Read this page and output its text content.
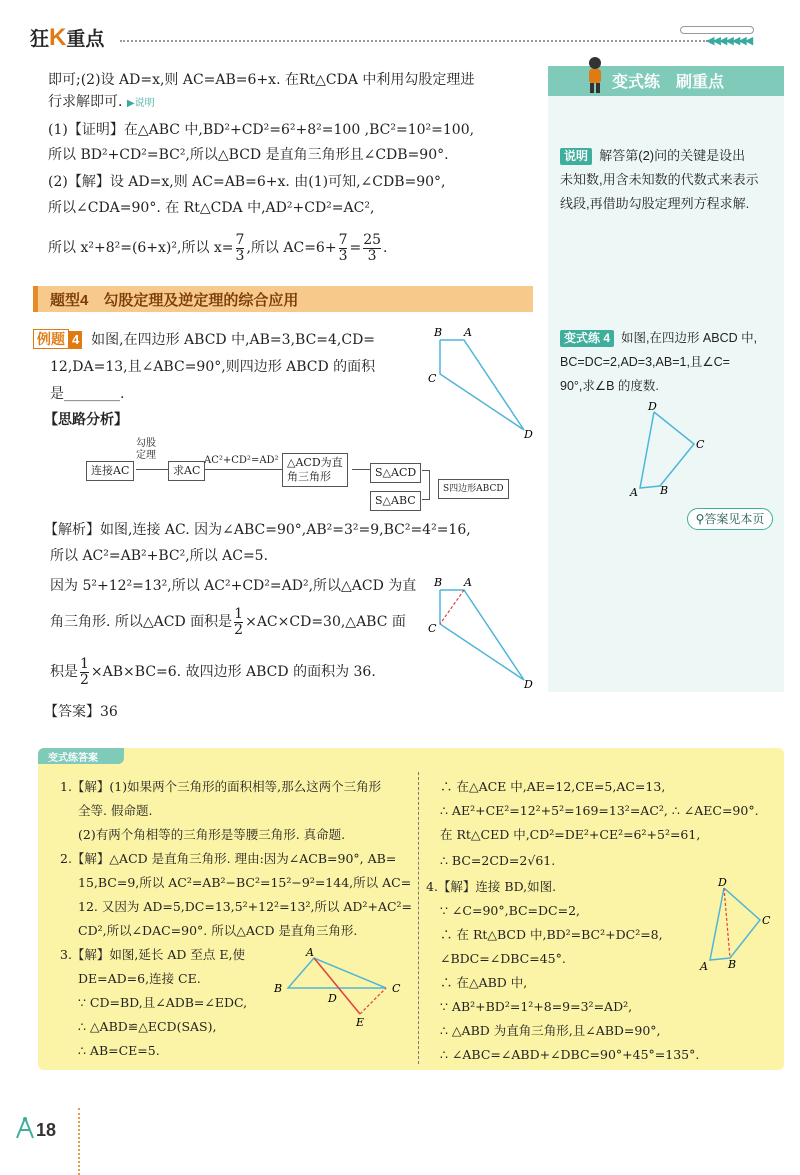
狂K重点	◀◀◀◀◀◀◀
即可;(2)设 AD=x,则 AC=AB=6+x. 在Rt△CDA 中利用勾股定理进
行求解即可. ▶说明
(1)【证明】在△ABC 中,BD²+CD²=6²+8²=100 ,BC²=10²=100,
所以 BD²+CD²=BC²,所以△BCD 是直角三角形且∠CDB=90°.
(2)【解】设 AD=x,则 AC=AB=6+x. 由(1)可知,∠CDB=90°,
所以∠CDA=90°. 在 Rt△CDA 中,AD²+CD²=AC²,
所以 x²+8²=(6+x)²,所以 $x= \frac{7}{3}$ ,所以 $AC=6+ \frac{7}{3} = \frac{25}{3}$ .
题型4　勾股定理及逆定理的综合应用
例题 4 如图,在四边形 ABCD 中,AB=3,BC=4,CD=
12,DA=13,且∠ABC=90°,则四边形 ABCD 的面积
是________.
【思路分析】
B A
C
D
连接AC
勾股
定理
求AC
AC²+CD²=AD² △ACD为直
角三角形	S△ACD
S△ABC
S四边形ABCD
【解析】如图,连接 AC. 因为∠ABC=90°,AB²=3²=9,BC²=4²=16,
所以 AC²=AB²+BC²,所以 AC=5.
因为 5²+12²=13²,所以 AC²+CD²=AD²,所以△ACD 为直
角三角形. 所以△ACD 面积是 $\frac{1}{2}$ ×AC×CD=30,△ABC 面
积是 $\frac{1}{2} \times AB\times BC=6$. 故四边形 ABCD 的面积为 36.
【答案】36
B A
C
D
变式练　刷重点
说明 解答第(2)问的关键是设出
未知数,用含未知数的代数式来表示
线段,再借助勾股定理列方程求解.
变式练 4 如图,在四边形 ABCD 中,
BC=DC=2,AD=3,AB=1,且∠C=
90°,求∠B 的度数.
D
C
A B
⚲答案见本页
变式练答案
1.【解】(1)如果两个三角形的面积相等,那么这两个三角形
全等. 假命题.
(2)有两个角相等的三角形是等腰三角形. 真命题.
2.【解】△ACD 是直角三角形. 理由:因为∠ACB=90°, AB=
15,BC=9,所以 AC²=AB²−BC²=15²−9²=144,所以 AC=
12. 又因为 AD=5,DC=13,5²+12²=13²,所以 AD²+AC²=
CD²,所以∠DAC=90°. 所以△ACD 是直角三角形.
3.【解】如图,延长 AD 至点 E,使
DE=AD=6,连接 CE.
∵ CD=BD,且∠ADB=∠EDC,
∴ △ABD≌△ECD(SAS),
∴ AB=CE=5.
A
B
D
C
E
∴ 在△ACE 中,AE=12,CE=5,AC=13,
∴ AE²+CE²=12²+5²=169=13²=AC², ∴ ∠AEC=90°.
在 Rt△CED 中,CD²=DE²+CE²=6²+5²=61,
∴ BC=2CD=2√61.
4.【解】连接 BD,如图.
∵ ∠C=90°,BC=DC=2,
∴ 在 Rt△BCD 中,BD²=BC²+DC²=8,
∠BDC=∠DBC=45°.
∴ 在△ABD 中,
∵ AB²+BD²=1²+8=9=3²=AD²,
∴ △ABD 为直角三角形,且∠ABD=90°,
∴ ∠ABC=∠ABD+∠DBC=90°+45°=135°.
D
C
A B
18
